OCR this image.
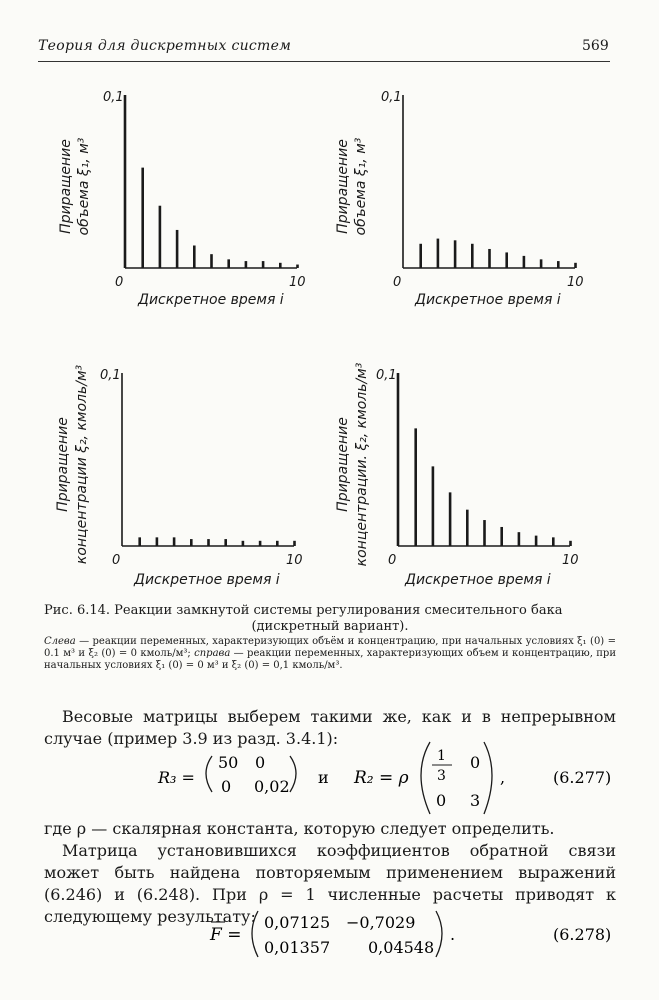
Теория для дискретных систем	569
0,1
0	10
Дискретное время i
Приращение объема ξ₁, м³
0,1
0	10
Дискретное время i
Приращение объема ξ₁, м³
0,1
0	10
Дискретное время i
Приращение концентрации ξ₂, кмоль/м³	0,1
0	10
Дискретное время i
Приращение концентрации. ξ₂, кмоль/м³
Рис. 6.14. Реакции замкнутой системы регулирования смесительного бака
(дискретный вариант).
Слева — реакции переменных, характеризующих объём и концентрацию, при начальных условиях ξ₁ (0) = 0.1 м³ и ξ₂ (0) = 0 кмоль/м³; справа — реакции переменных, характеризующих объем и концентрацию, при начальных условиях ξ₁ (0) = 0 м³ и ξ₂ (0) = 0,1 кмоль/м³.
Весовые матрицы выберем такими же, как и в непрерывном случае (пример 3.9 из разд. 3.4.1):
R₃ =
50 0
0 0,02 и R₂ = ρ
1
3
0
0 3
,	(6.277)
где ρ — скалярная константа, которую следует определить.
Матрица установившихся коэффициентов обратной связи может быть найдена повторяемым применением выражений (6.246) и (6.248). При ρ = 1 численные расчеты приводят к следующему результату:
F =
0,07125 −0,7029
0,01357 0,04548
.	(6.278)
